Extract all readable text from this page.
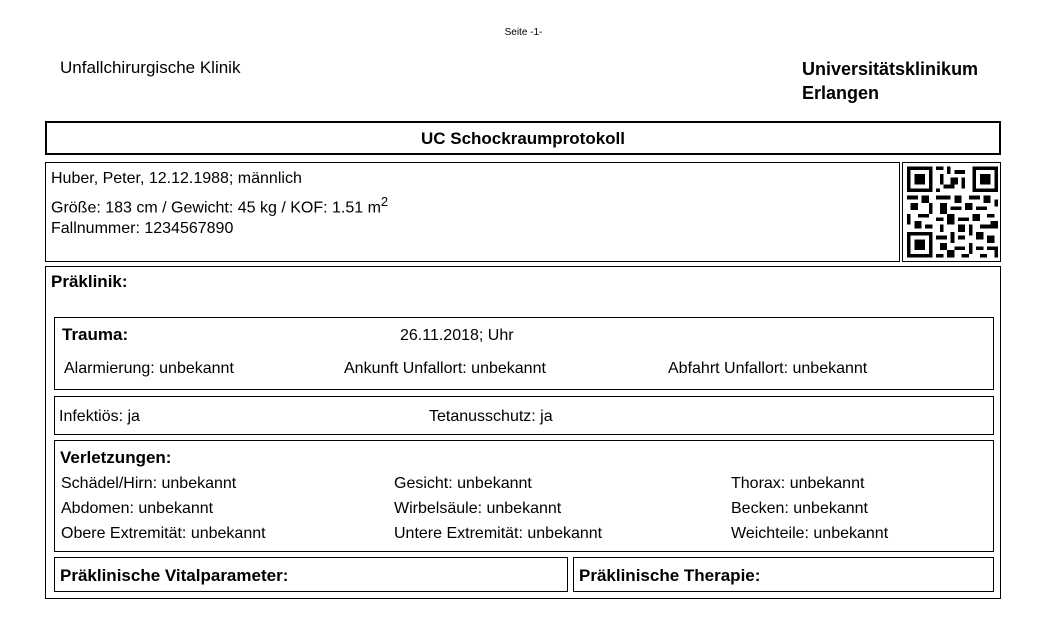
Seite -1-
Unfallchirurgische Klinik	Universitätsklinikum
Erlangen
UC Schockraumprotokoll
Huber, Peter, 12.12.1988; männlich
Größe: 183 cm / Gewicht: 45 kg / KOF: 1.51 $m^2$
Fallnummer: 1234567890
Präklinik:
Trauma:	26.11.2018; Uhr
Alarmierung: unbekannt	Ankunft Unfallort: unbekannt	Abfahrt Unfallort: unbekannt
Infektiös: ja	Tetanusschutz: ja
Verletzungen:
Schädel/Hirn: unbekannt	Gesicht: unbekannt	Thorax: unbekannt
Abdomen: unbekannt	Wirbelsäule: unbekannt	Becken: unbekannt
Obere Extremität: unbekannt	Untere Extremität: unbekannt	Weichteile: unbekannt
Präklinische Vitalparameter:	Präklinische Therapie:
